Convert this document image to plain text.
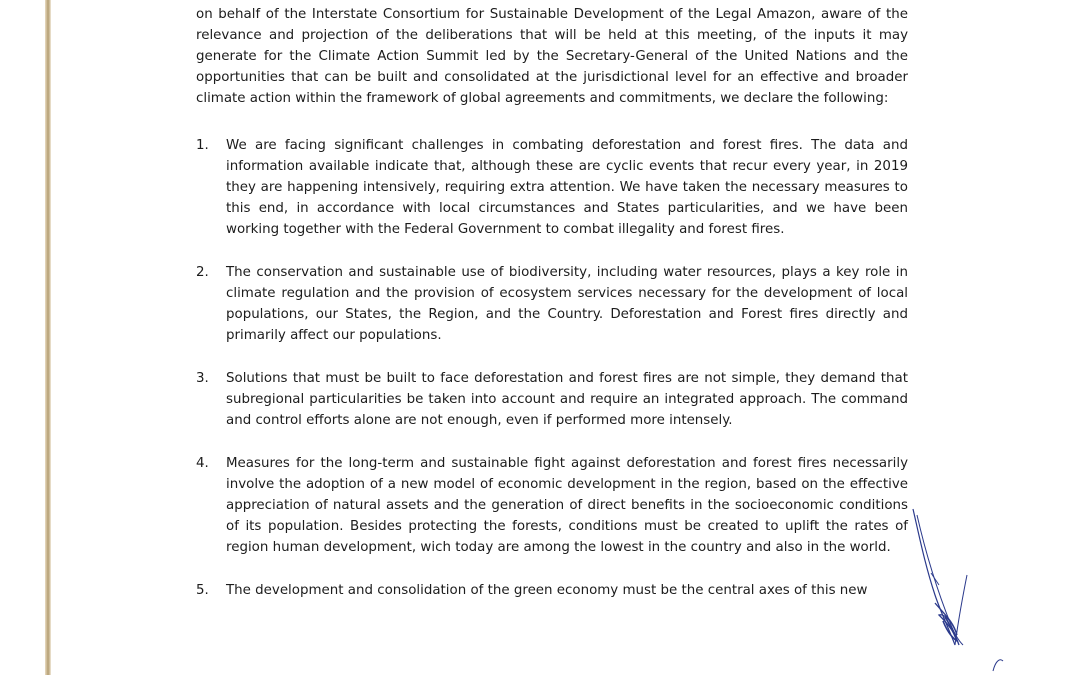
on behalf of the Interstate Consortium for Sustainable Development of the Legal Amazon, aware of the relevance and projection of the deliberations that will be held at this meeting, of the inputs it may generate for the Climate Action Summit led by the Secretary-General of the United Nations and the opportunities that can be built and consolidated at the jurisdictional level for an effective and broader climate action within the framework of global agreements and commitments, we declare the following:

1.	We are facing significant challenges in combating deforestation and forest fires. The data and information available indicate that, although these are cyclic events that recur every year, in 2019 they are happening intensively, requiring extra attention. We have taken the necessary measures to this end, in accordance with local circumstances and States particularities, and we have been working together with the Federal Government to combat illegality and forest fires.
2.	The conservation and sustainable use of biodiversity, including water resources, plays a key role in climate regulation and the provision of ecosystem services necessary for the development of local populations, our States, the Region, and the Country. Deforestation and Forest fires directly and primarily affect our populations.
3.	Solutions that must be built to face deforestation and forest fires are not simple, they demand that subregional particularities be taken into account and require an integrated approach. The command and control efforts alone are not enough, even if performed more intensely.
4.	Measures for the long-term and sustainable fight against deforestation and forest fires necessarily involve the adoption of a new model of economic development in the region, based on the effective appreciation of natural assets and the generation of direct benefits in the socioeconomic conditions of its population. Besides protecting the forests, conditions must be created to uplift the rates of region human development, wich today are among the lowest in the country and also in the world.
5.	The development and consolidation of the green economy must be the central axes of this new
